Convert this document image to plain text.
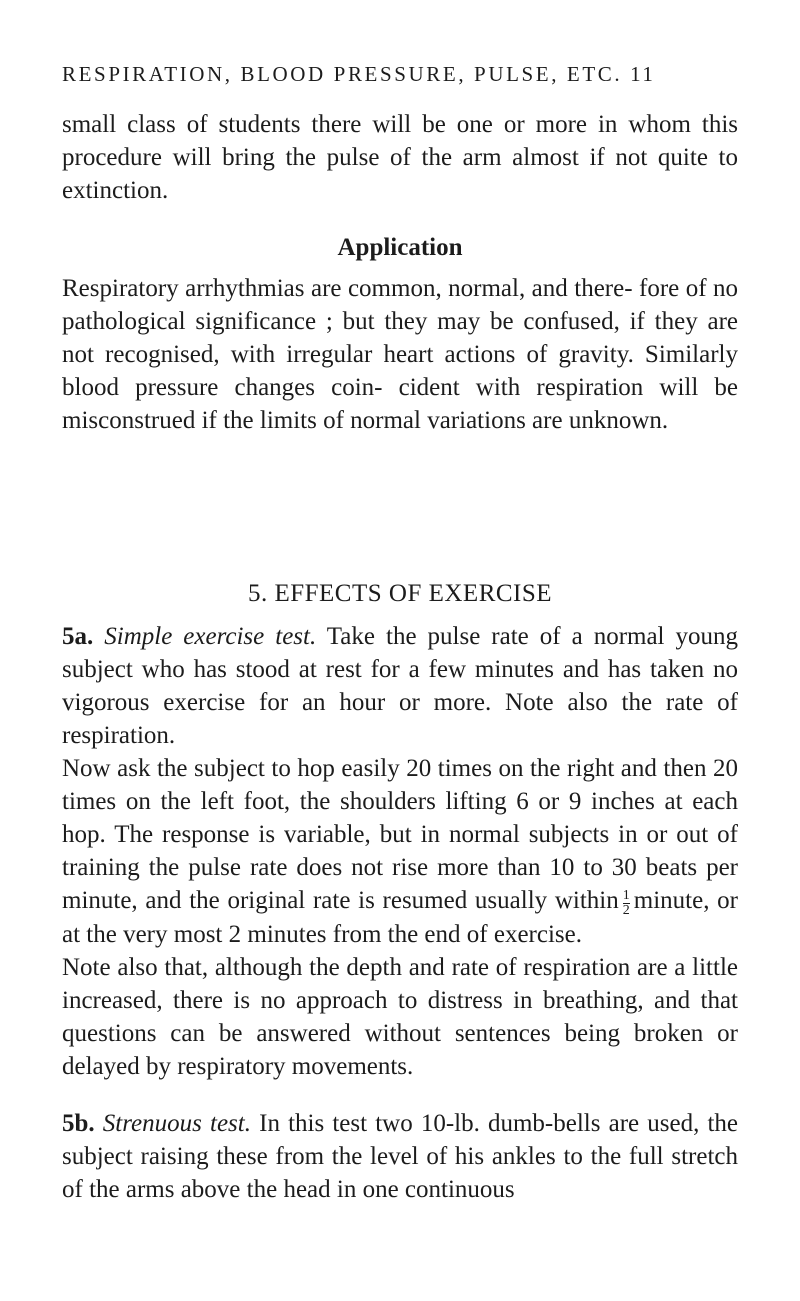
RESPIRATION, BLOOD PRESSURE, PULSE, ETC. 11

small class of students there will be one or more in whom this procedure will bring the pulse of the arm almost if not quite to extinction.

Application

Respiratory arrhythmias are common, normal, and there- fore of no pathological significance ; but they may be confused, if they are not recognised, with irregular heart actions of gravity. Similarly blood pressure changes coin- cident with respiration will be misconstrued if the limits of normal variations are unknown.

5. EFFECTS OF EXERCISE

5a. Simple exercise test. Take the pulse rate of a normal young subject who has stood at rest for a few minutes and has taken no vigorous exercise for an hour or more. Note also the rate of respiration.

Now ask the subject to hop easily 20 times on the right and then 20 times on the left foot, the shoulders lifting 6 or 9 inches at each hop. The response is variable, but in normal subjects in or out of training the pulse rate does not rise more than 10 to 30 beats per minute, and the original rate is resumed usually within $\frac{1}{2}$ minute, or at the very most 2 minutes from the end of exercise.

Note also that, although the depth and rate of respiration are a little increased, there is no approach to distress in breathing, and that questions can be answered without sentences being broken or delayed by respiratory movements.

5b. Strenuous test. In this test two 10-lb. dumb-bells are used, the subject raising these from the level of his ankles to the full stretch of the arms above the head in one continuous
